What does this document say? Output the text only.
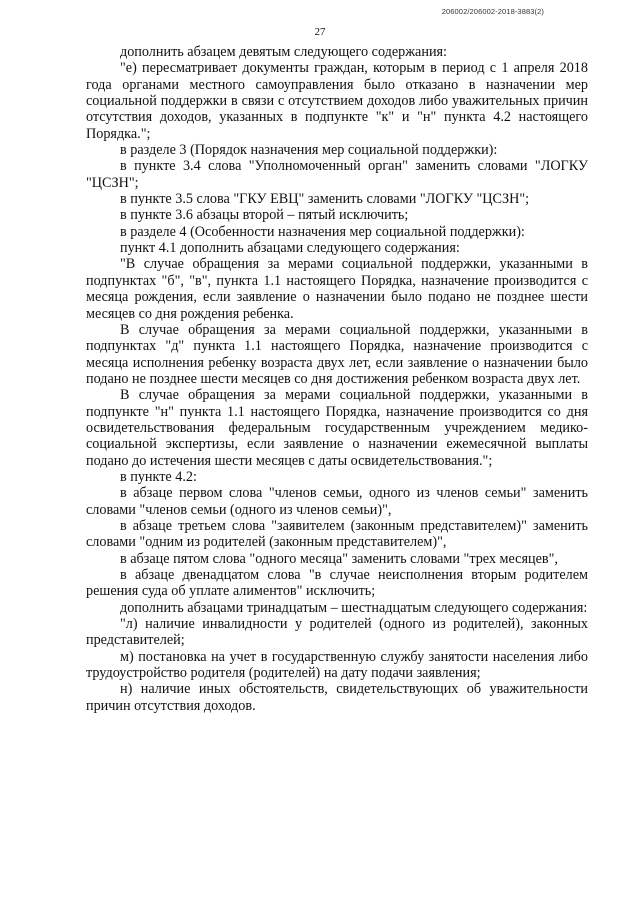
206002/206002-2018-3883(2)
27

дополнить абзацем девятым следующего содержания:

"е) пересматривает документы граждан, которым в период с 1 апреля 2018 года органами местного самоуправления было отказано в назначении мер социальной поддержки в связи с отсутствием доходов либо уважительных причин отсутствия доходов, указанных в подпункте "к" и "н" пункта 4.2 настоящего Порядка.";

в разделе 3 (Порядок назначения мер социальной поддержки):

в пункте 3.4 слова "Уполномоченный орган" заменить словами "ЛОГКУ "ЦСЗН";

в пункте 3.5 слова "ГКУ ЕВЦ" заменить словами "ЛОГКУ "ЦСЗН";

в пункте 3.6 абзацы второй – пятый исключить;

в разделе 4 (Особенности назначения мер социальной поддержки):

пункт 4.1 дополнить абзацами следующего содержания:

"В случае обращения за мерами социальной поддержки, указанными в подпунктах "б", "в", пункта 1.1 настоящего Порядка, назначение производится с месяца рождения, если заявление о назначении было подано не позднее шести месяцев со дня рождения ребенка.

В случае обращения за мерами социальной поддержки, указанными в подпунктах "д" пункта 1.1 настоящего Порядка, назначение производится с месяца исполнения ребенку возраста двух лет, если заявление о назначении было подано не позднее шести месяцев со дня достижения ребенком возраста двух лет.

В случае обращения за мерами социальной поддержки, указанными в подпункте "н" пункта 1.1 настоящего Порядка, назначение производится со дня освидетельствования федеральным государственным учреждением медико-социальной экспертизы, если заявление о назначении ежемесячной выплаты подано до истечения шести месяцев с даты освидетельствования.";

в пункте 4.2:

в абзаце первом слова "членов семьи, одного из членов семьи" заменить словами "членов семьи (одного из членов семьи)",

в абзаце третьем слова "заявителем (законным представителем)" заменить словами "одним из родителей (законным представителем)",

в абзаце пятом слова "одного месяца" заменить словами "трех месяцев",

в абзаце двенадцатом слова "в случае неисполнения вторым родителем решения суда об уплате алиментов" исключить;

дополнить абзацами тринадцатым – шестнадцатым следующего содержания:

"л) наличие инвалидности у родителей (одного из родителей), законных представителей;

м) постановка на учет в государственную службу занятости населения либо трудоустройство родителя (родителей) на дату подачи заявления;

н) наличие иных обстоятельств, свидетельствующих об уважительности причин отсутствия доходов.
